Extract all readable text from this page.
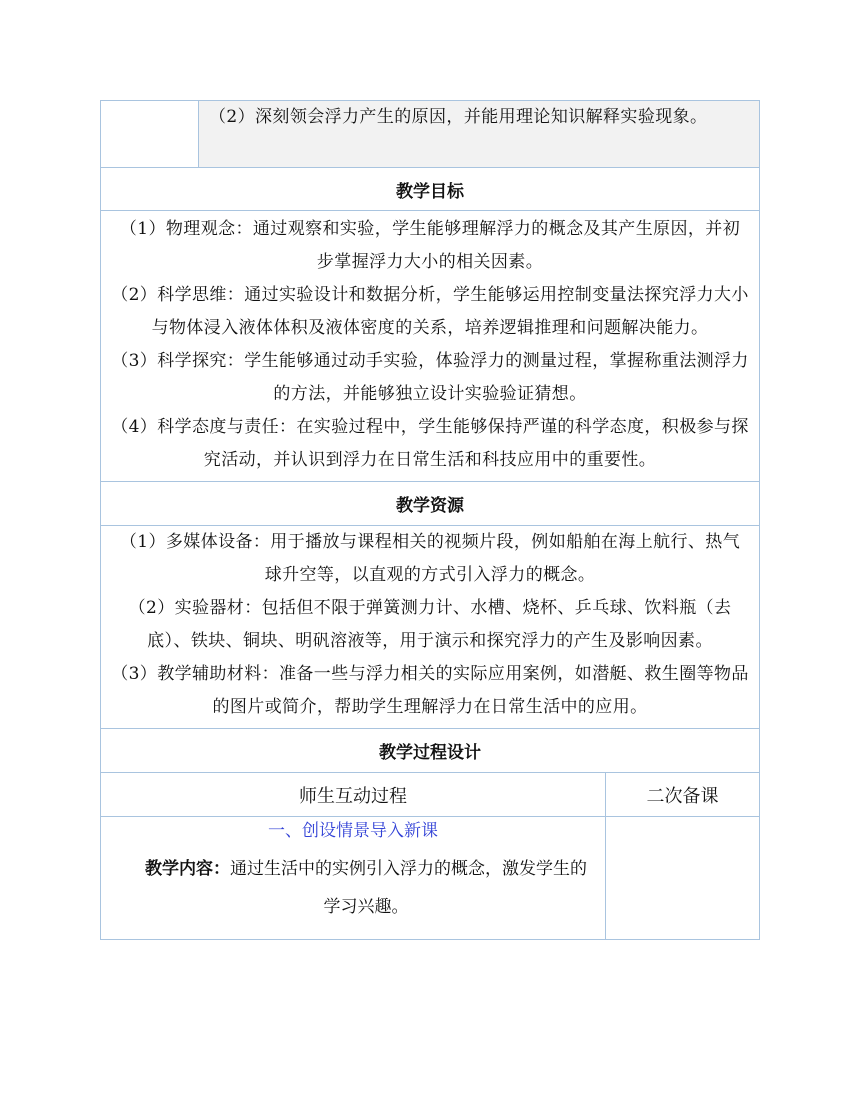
	（2）深刻领会浮力产生的原因，并能用理论知识解释实验现象。	

教学目标		

（1）物理观念：通过观察和实验，学生能够理解浮力的概念及其产生原因，并初步掌握浮力大小的相关因素。

（2）科学思维：通过实验设计和数据分析，学生能够运用控制变量法探究浮力大小与物体浸入液体体积及液体密度的关系，培养逻辑推理和问题解决能力。

（3）科学探究：学生能够通过动手实验，体验浮力的测量过程，掌握称重法测浮力的方法，并能够独立设计实验验证猜想。

（4）科学态度与责任：在实验过程中，学生能够保持严谨的科学态度，积极参与探究活动，并认识到浮力在日常生活和科技应用中的重要性。		

教学资源		

（1）多媒体设备：用于播放与课程相关的视频片段，例如船舶在海上航行、热气球升空等，以直观的方式引入浮力的概念。

（2）实验器材：包括但不限于弹簧测力计、水槽、烧杯、乒乓球、饮料瓶（去底）、铁块、铜块、明矾溶液等，用于演示和探究浮力的产生及影响因素。

（3）教学辅助材料：准备一些与浮力相关的实际应用案例，如潜艇、救生圈等物品的图片或简介，帮助学生理解浮力在日常生活中的应用。		

教学过程设计		
师生互动过程		二次备课

一、创设情景导入新课
教学内容：通过生活中的实例引入浮力的概念，激发学生的学习兴趣。		
